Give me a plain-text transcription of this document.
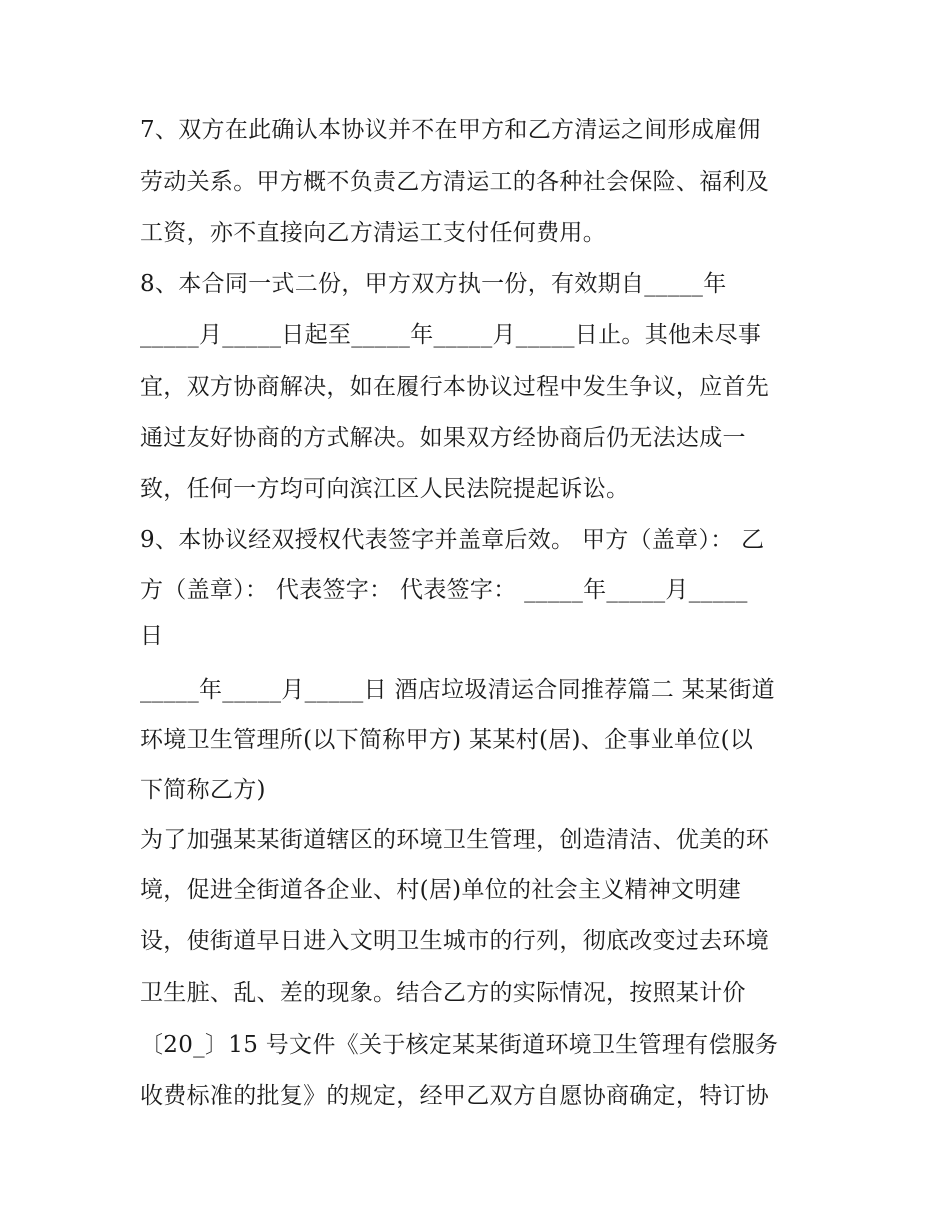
7、双方在此确认本协议并不在甲方和乙方清运之间形成雇佣
劳动关系。甲方概不负责乙方清运工的各种社会保险、福利及
工资，亦不直接向乙方清运工支付任何费用。
8、本合同一式二份，甲方双方执一份，有效期自_____年
_____月_____日起至_____年_____月_____日止。其他未尽事
宜，双方协商解决，如在履行本协议过程中发生争议，应首先
通过友好协商的方式解决。如果双方经协商后仍无法达成一
致，任何一方均可向滨江区人民法院提起诉讼。
9、本协议经双授权代表签字并盖章后效。 甲方（盖章）： 乙
方（盖章）： 代表签字： 代表签字： _____年_____月_____
日
_____年_____月_____日 酒店垃圾清运合同推荐篇二 某某街道
环境卫生管理所(以下简称甲方) 某某村(居)、企事业单位(以
下简称乙方)
为了加强某某街道辖区的环境卫生管理，创造清洁、优美的环
境，促进全街道各企业、村(居)单位的社会主义精神文明建
设，使街道早日进入文明卫生城市的行列，彻底改变过去环境
卫生脏、乱、差的现象。结合乙方的实际情况，按照某计价
〔20_〕15 号文件《关于核定某某街道环境卫生管理有偿服务
收费标准的批复》的规定，经甲乙双方自愿协商确定，特订协
